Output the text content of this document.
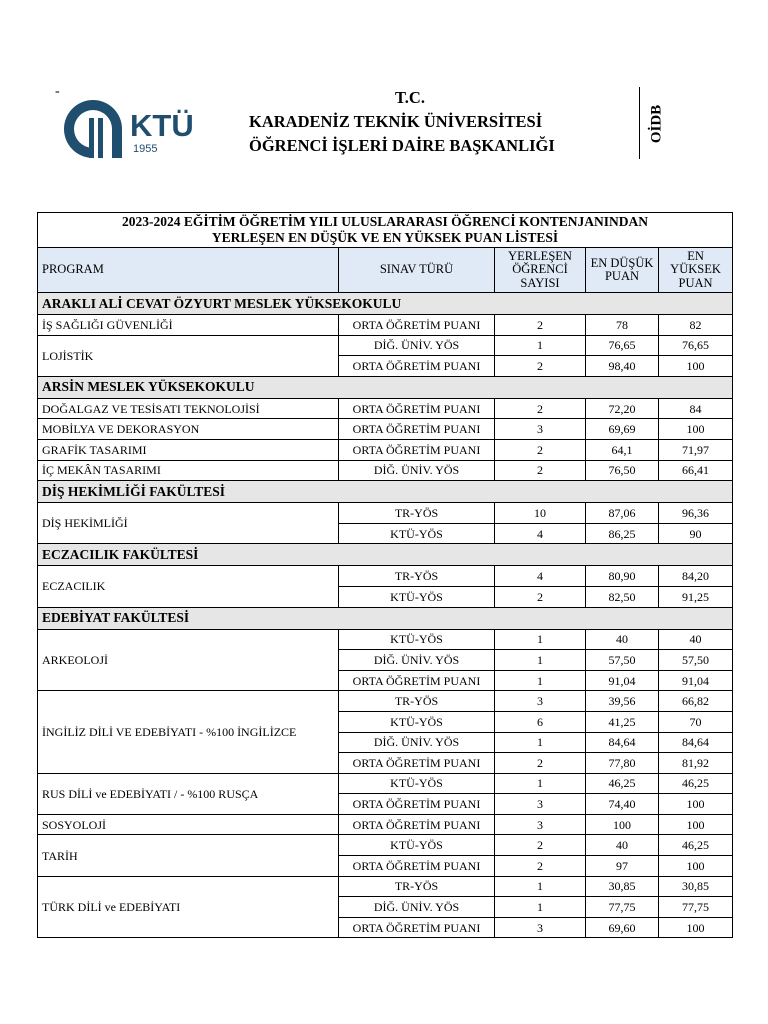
-
KTÜ
1955
T.C.
KARADENİZ TEKNİK ÜNİVERSİTESİ
ÖĞRENCİ İŞLERİ DAİRE BAŞKANLIĞI
OİDB
2023-2024 EĞİTİM ÖĞRETİM YILI ULUSLARARASI ÖĞRENCİ KONTENJANINDAN
YERLEŞEN EN DÜŞÜK VE EN YÜKSEK PUAN LİSTESİ				
PROGRAM	SINAV TÜRÜ	YERLEŞEN ÖĞRENCİ SAYISI	EN DÜŞÜK PUAN	EN YÜKSEK PUAN
ARAKLI ALİ CEVAT ÖZYURT MESLEK YÜKSEKOKULU				
İŞ SAĞLIĞI GÜVENLİĞİ	ORTA ÖĞRETİM PUANI	2	78	82
LOJİSTİK	DİĞ. ÜNİV. YÖS	1	76,65	76,65
	ORTA ÖĞRETİM PUANI	2	98,40	100
ARSİN MESLEK YÜKSEKOKULU				
DOĞALGAZ VE TESİSATI TEKNOLOJİSİ	ORTA ÖĞRETİM PUANI	2	72,20	84
MOBİLYA VE DEKORASYON	ORTA ÖĞRETİM PUANI	3	69,69	100
GRAFİK TASARIMI	ORTA ÖĞRETİM PUANI	2	64,1	71,97
İÇ MEKÂN TASARIMI	DİĞ. ÜNİV. YÖS	2	76,50	66,41
DİŞ HEKİMLİĞİ FAKÜLTESİ				
DİŞ HEKİMLİĞİ	TR-YÖS	10	87,06	96,36
	KTÜ-YÖS	4	86,25	90
ECZACILIK FAKÜLTESİ				
ECZACILIK	TR-YÖS	4	80,90	84,20
	KTÜ-YÖS	2	82,50	91,25
EDEBİYAT FAKÜLTESİ				
ARKEOLOJİ	KTÜ-YÖS	1	40	40
	DİĞ. ÜNİV. YÖS	1	57,50	57,50
	ORTA ÖĞRETİM PUANI	1	91,04	91,04
İNGİLİZ DİLİ VE EDEBİYATI - %100 İNGİLİZCE	TR-YÖS	3	39,56	66,82
	KTÜ-YÖS	6	41,25	70
	DİĞ. ÜNİV. YÖS	1	84,64	84,64
	ORTA ÖĞRETİM PUANI	2	77,80	81,92
RUS DİLİ ve EDEBİYATI / - %100 RUSÇA	KTÜ-YÖS	1	46,25	46,25
	ORTA ÖĞRETİM PUANI	3	74,40	100
SOSYOLOJİ	ORTA ÖĞRETİM PUANI	3	100	100
TARİH	KTÜ-YÖS	2	40	46,25
	ORTA ÖĞRETİM PUANI	2	97	100
TÜRK DİLİ ve EDEBİYATI	TR-YÖS	1	30,85	30,85
	DİĞ. ÜNİV. YÖS	1	77,75	77,75
	ORTA ÖĞRETİM PUANI	3	69,60	100
